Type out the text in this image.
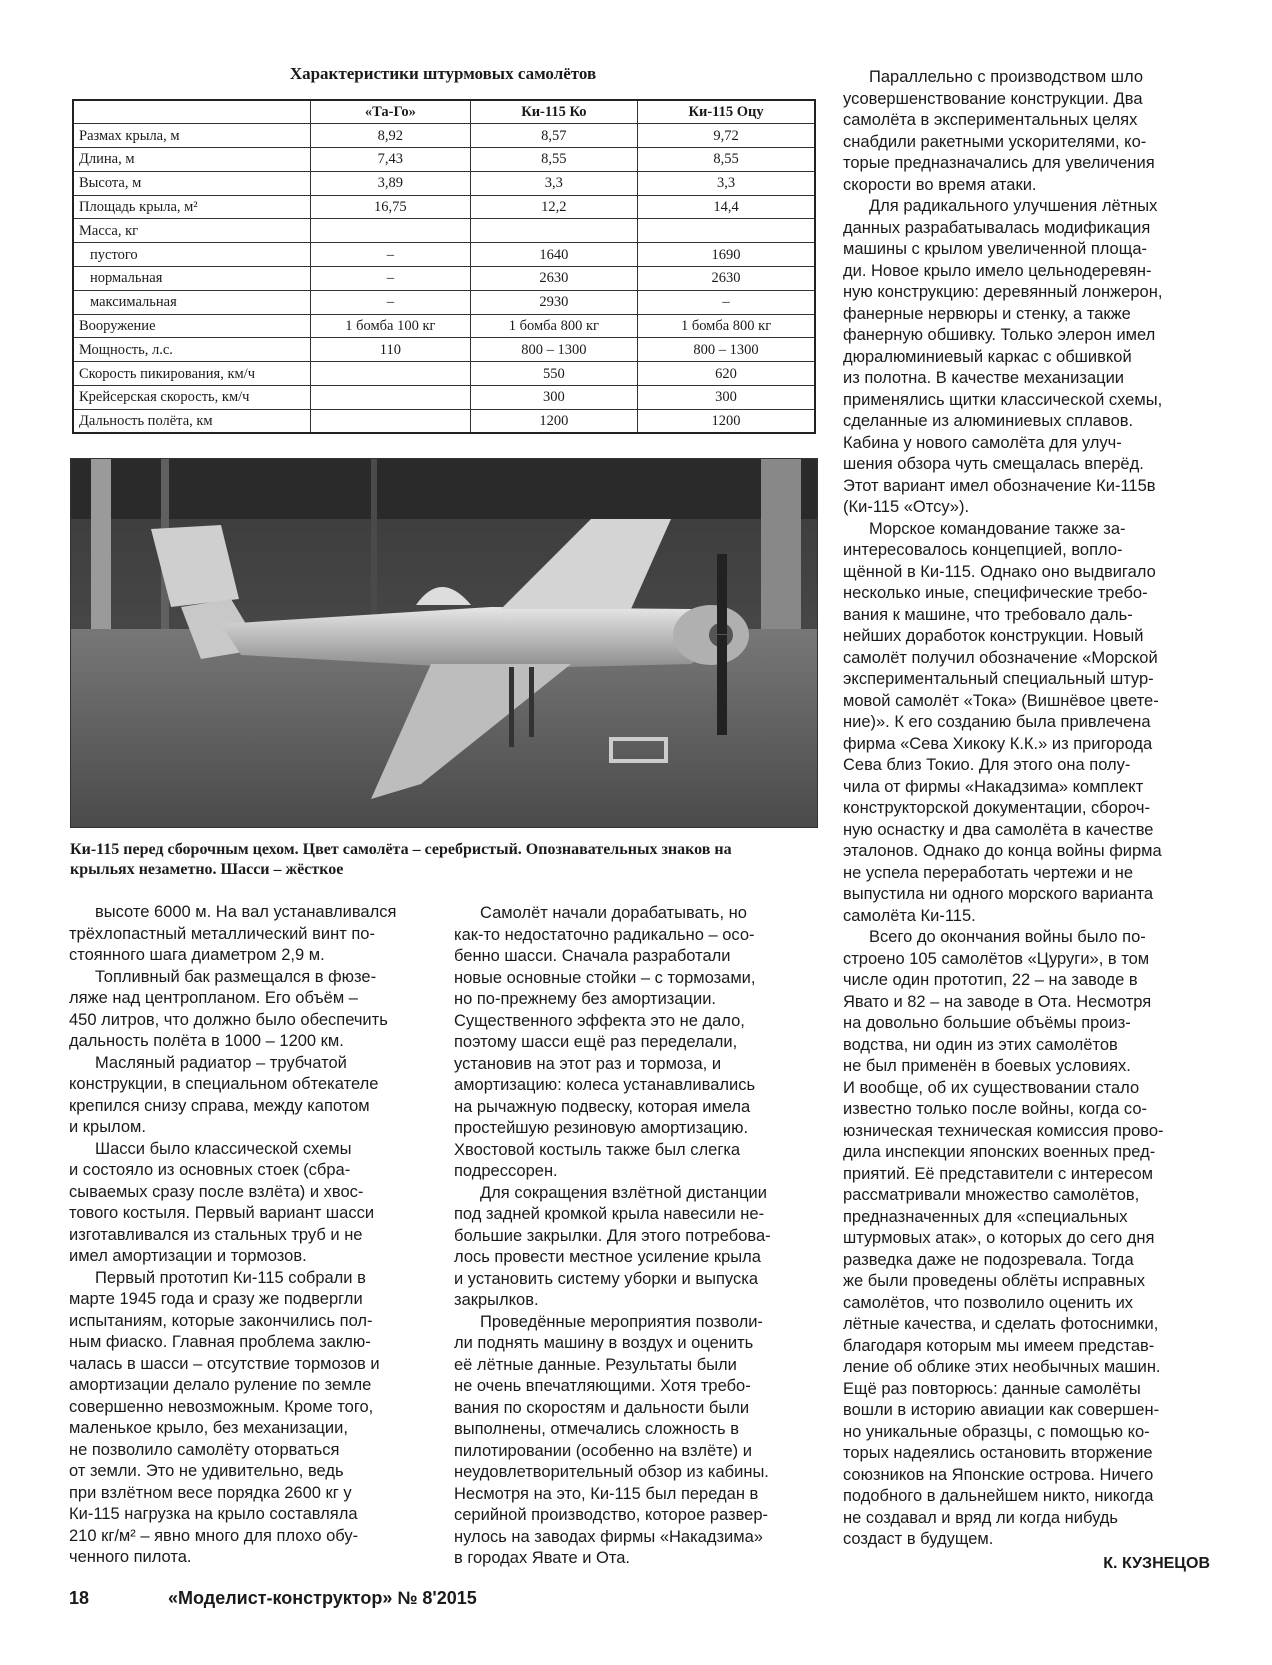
Характеристики штурмовых самолётов
	«Та-Го»	Ки-115 Ко	Ки-115 Оцу
Размах крыла, м	8,92	8,57	9,72
Длина, м	7,43	8,55	8,55
Высота, м	3,89	3,3	3,3
Площадь крыла, м²	16,75	12,2	14,4
Масса, кг			
пустого	–	1640	1690
нормальная	–	2630	2630
максимальная	–	2930	–
Вооружение	1 бомба 100 кг	1 бомба 800 кг	1 бомба 800 кг
Мощность, л.с.	110	800 – 1300	800 – 1300
Скорость пикирования, км/ч		550	620
Крейсерская скорость, км/ч		300	300
Дальность полёта, км		1200	1200
Ки-115 перед сборочным цехом. Цвет самолёта – серебристый. Опознавательных знаков на
крыльях незаметно. Шасси – жёсткое
высоте 6000 м. На вал устанавливался
трёхлопастный металлический винт по-
стоянного шага диаметром 2,9 м.
Топливный бак размещался в фюзе-
ляже над центропланом. Его объём –
450 литров, что должно было обеспечить
дальность полёта в 1000 – 1200 км.
Масляный радиатор – трубчатой
конструкции, в специальном обтекателе
крепился снизу справа, между капотом
и крылом.
Шасси было классической схемы
и состояло из основных стоек (сбра-
сываемых сразу после взлёта) и хвос-
тового костыля. Первый вариант шасси
изготавливался из стальных труб и не
имел амортизации и тормозов.
Первый прототип Ки-115 собрали в
марте 1945 года и сразу же подвергли
испытаниям, которые закончились пол-
ным фиаско. Главная проблема заклю-
чалась в шасси – отсутствие тормозов и
амортизации делало руление по земле
совершенно невозможным. Кроме того,
маленькое крыло, без механизации,
не позволило самолёту оторваться
от земли. Это не удивительно, ведь
при взлётном весе порядка 2600 кг у
Ки-115 нагрузка на крыло составляла
210 кг/м² – явно много для плохо обу-
ченного пилота.
Самолёт начали дорабатывать, но
как-то недостаточно радикально – осо-
бенно шасси. Сначала разработали
новые основные стойки – с тормозами,
но по-прежнему без амортизации.
Существенного эффекта это не дало,
поэтому шасси ещё раз переделали,
установив на этот раз и тормоза, и
амортизацию: колеса устанавливались
на рычажную подвеску, которая имела
простейшую резиновую амортизацию.
Хвостовой костыль также был слегка
подрессорен.
Для сокращения взлётной дистанции
под задней кромкой крыла навесили не-
большие закрылки. Для этого потребова-
лось провести местное усиление крыла
и установить систему уборки и выпуска
закрылков.
Проведённые мероприятия позволи-
ли поднять машину в воздух и оценить
её лётные данные. Результаты были
не очень впечатляющими. Хотя требо-
вания по скоростям и дальности были
выполнены, отмечались сложность в
пилотировании (особенно на взлёте) и
неудовлетворительный обзор из кабины.
Несмотря на это, Ки-115 был передан в
серийной производство, которое развер-
нулось на заводах фирмы «Накадзима»
в городах Явате и Ота.
Параллельно с производством шло
усовершенствование конструкции. Два
самолёта в экспериментальных целях
снабдили ракетными ускорителями, ко-
торые предназначались для увеличения
скорости во время атаки.
Для радикального улучшения лётных
данных разрабатывалась модификация
машины с крылом увеличенной площа-
ди. Новое крыло имело цельнодеревян-
ную конструкцию: деревянный лонжерон,
фанерные нервюры и стенку, а также
фанерную обшивку. Только элерон имел
дюралюминиевый каркас с обшивкой
из полотна. В качестве механизации
применялись щитки классической схемы,
сделанные из алюминиевых сплавов.
Кабина у нового самолёта для улуч-
шения обзора чуть смещалась вперёд.
Этот вариант имел обозначение Ки-115в
(Ки-115 «Отсу»).
Морское командование также за-
интересовалось концепцией, вопло-
щённой в Ки-115. Однако оно выдвигало
несколько иные, специфические требо-
вания к машине, что требовало даль-
нейших доработок конструкции. Новый
самолёт получил обозначение «Морской
экспериментальный специальный штур-
мовой самолёт «Тока» (Вишнёвое цвете-
ние)». К его созданию была привлечена
фирма «Сева Хикоку К.К.» из пригорода
Сева близ Токио. Для этого она полу-
чила от фирмы «Накадзима» комплект
конструкторской документации, сбороч-
ную оснастку и два самолёта в качестве
эталонов. Однако до конца войны фирма
не успела переработать чертежи и не
выпустила ни одного морского варианта
самолёта Ки-115.
Всего до окончания войны было по-
строено 105 самолётов «Цуруги», в том
числе один прототип, 22 – на заводе в
Явато и 82 – на заводе в Ота. Несмотря
на довольно большие объёмы произ-
водства, ни один из этих самолётов
не был применён в боевых условиях.
И вообще, об их существовании стало
известно только после войны, когда со-
юзническая техническая комиссия прово-
дила инспекции японских военных пред-
приятий. Её представители с интересом
рассматривали множество самолётов,
предназначенных для «специальных
штурмовых атак», о которых до сего дня
разведка даже не подозревала. Тогда
же были проведены облёты исправных
самолётов, что позволило оценить их
лётные качества, и сделать фотоснимки,
благодаря которым мы имеем представ-
ление об облике этих необычных машин.
Ещё раз повторюсь: данные самолёты
вошли в историю авиации как совершен-
но уникальные образцы, с помощью ко-
торых надеялись остановить вторжение
союзников на Японские острова. Ничего
подобного в дальнейшем никто, никогда
не создавал и вряд ли когда нибудь
создаст в будущем.
К. КУЗНЕЦОВ
18	«Моделист-конструктор» № 8'2015
